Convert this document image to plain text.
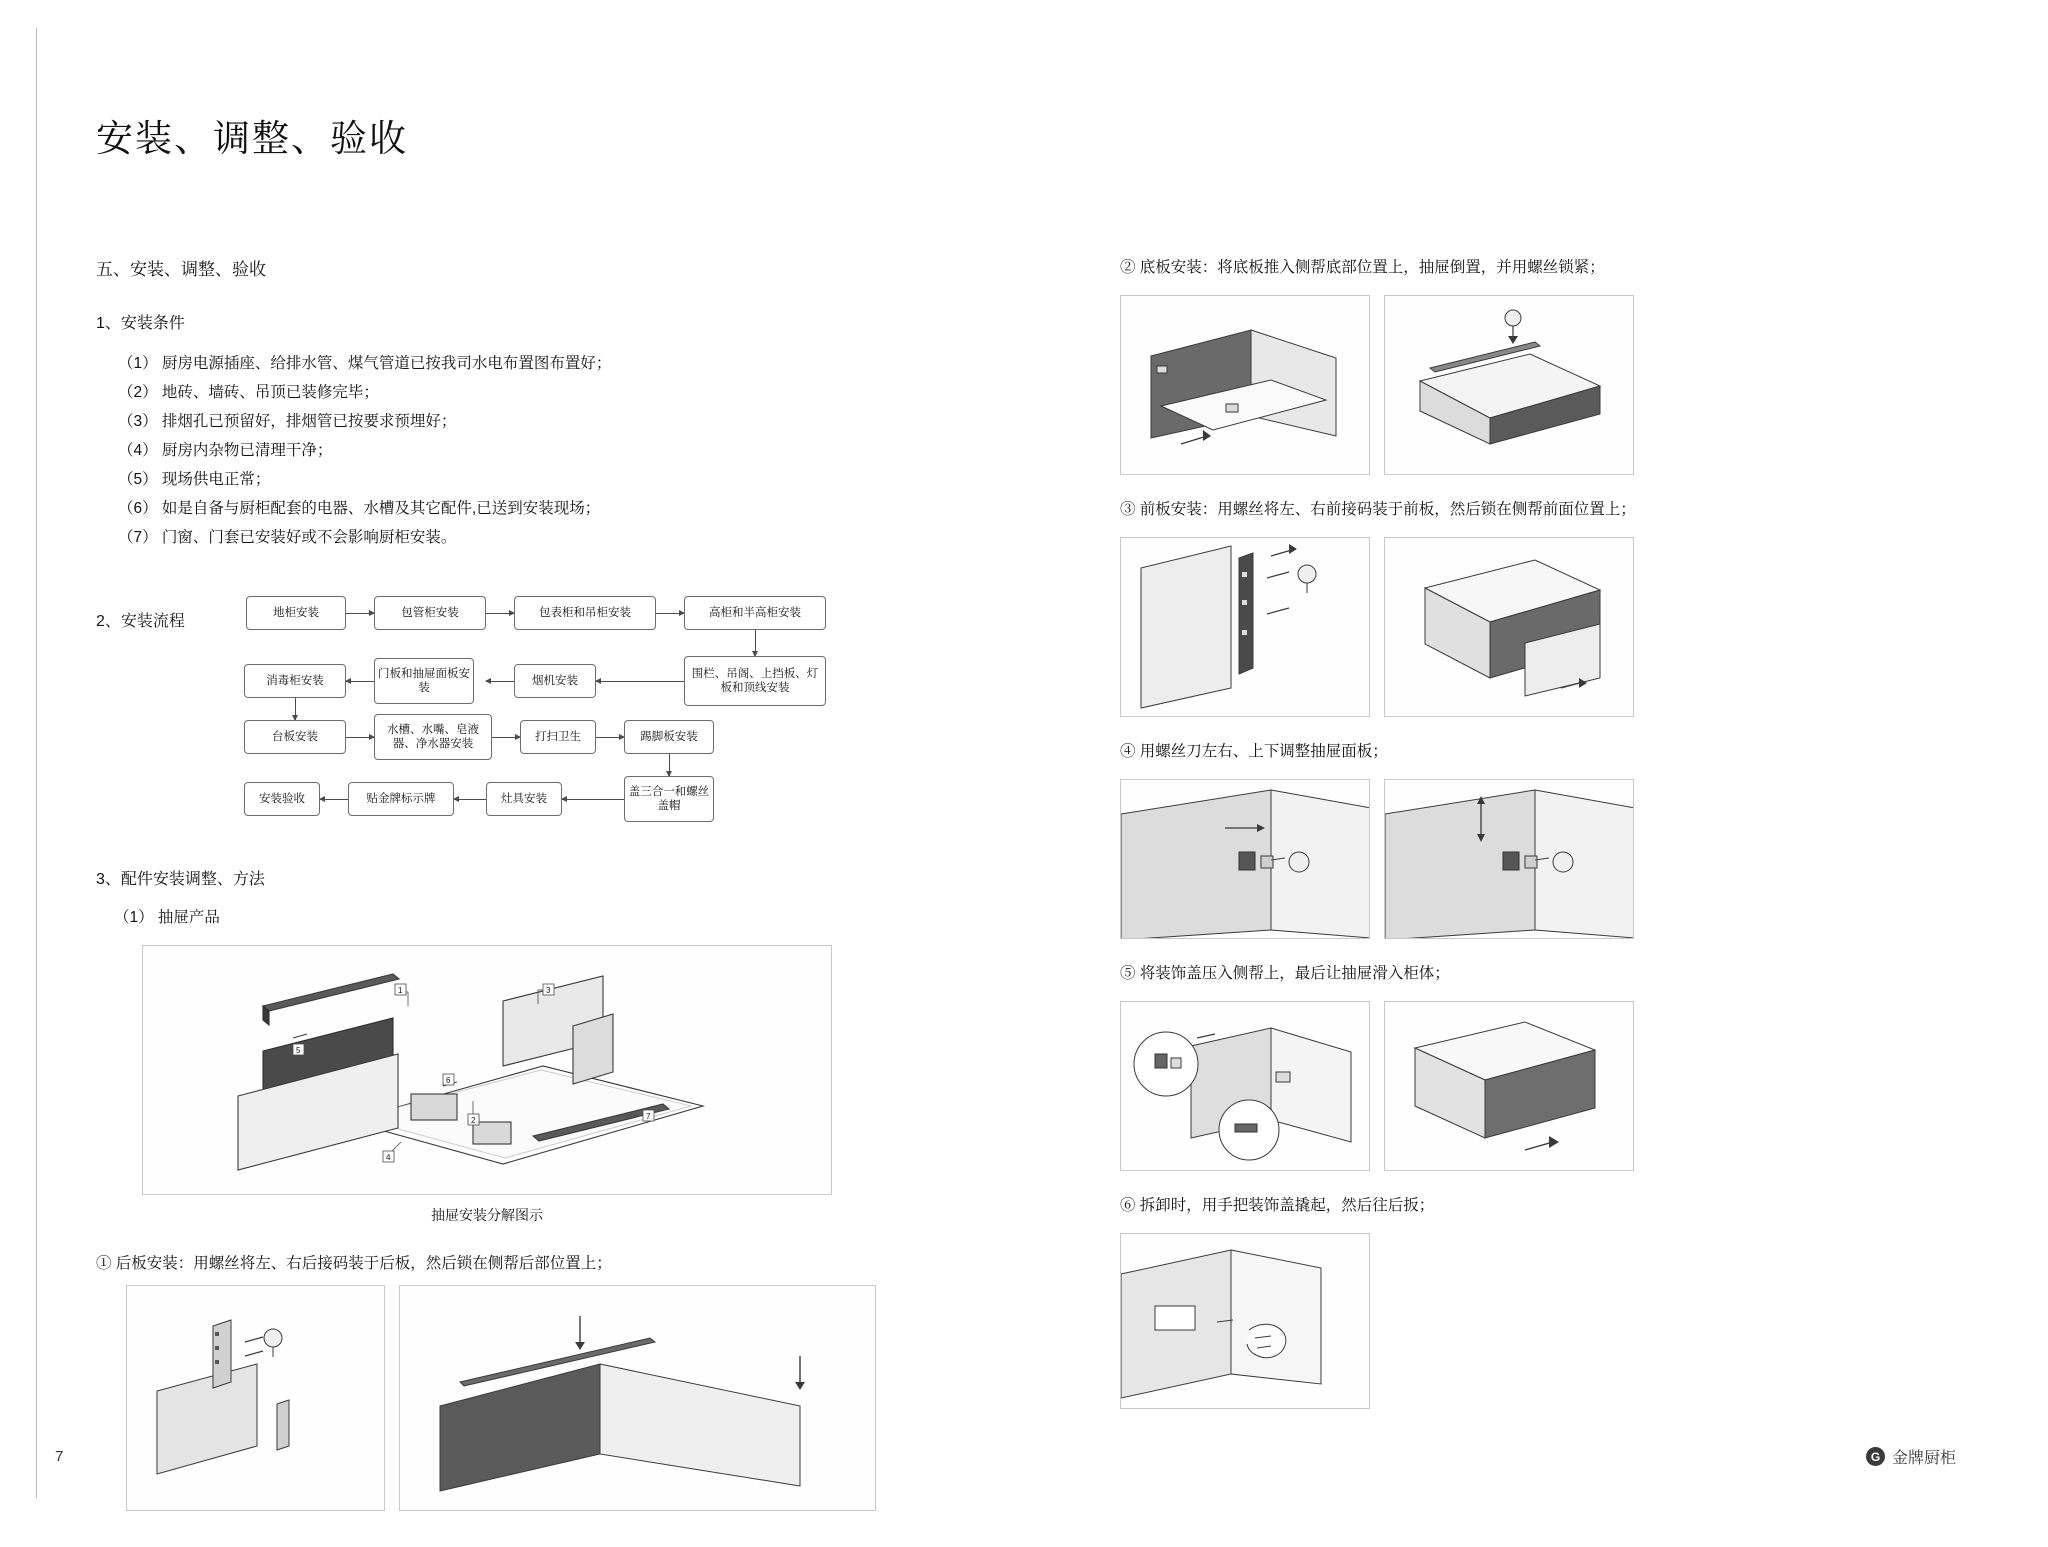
安装、调整、验收
五、安装、调整、验收
1、安装条件
（1） 厨房电源插座、给排水管、煤气管道已按我司水电布置图布置好；
（2） 地砖、墙砖、吊顶已装修完毕；
（3） 排烟孔已预留好，排烟管已按要求预埋好；
（4） 厨房内杂物已清理干净；
（5） 现场供电正常；
（6） 如是自备与厨柜配套的电器、水槽及其它配件,已送到安装现场；
（7） 门窗、门套已安装好或不会影响厨柜安装。
2、安装流程	地柜安装	包管柜安装	包表柜和吊柜安装	高柜和半高柜安装
围栏、吊阁、上挡板、灯板和顶线安装
烟机安装
门板和抽屉面板安装
消毒柜安装
台板安装
水槽、水嘴、皂液器、净水器安装
打扫卫生	踢脚板安装
盖三合一和螺丝盖帽
灶具安装
贴金牌标示牌
安装验收
3、配件安装调整、方法
（1） 抽屉产品
1	3
2
4
7
5
6
抽屉安装分解图示
① 后板安装：用螺丝将左、右后接码装于后板，然后锁在侧帮后部位置上；
② 底板安装：将底板推入侧帮底部位置上，抽屉倒置，并用螺丝锁紧；
③ 前板安装：用螺丝将左、右前接码装于前板，然后锁在侧帮前面位置上；
④ 用螺丝刀左右、上下调整抽屉面板；
⑤ 将装饰盖压入侧帮上，最后让抽屉滑入柜体；
⑥ 拆卸时，用手把装饰盖撬起，然后往后扳；
7	G 金牌厨柜
